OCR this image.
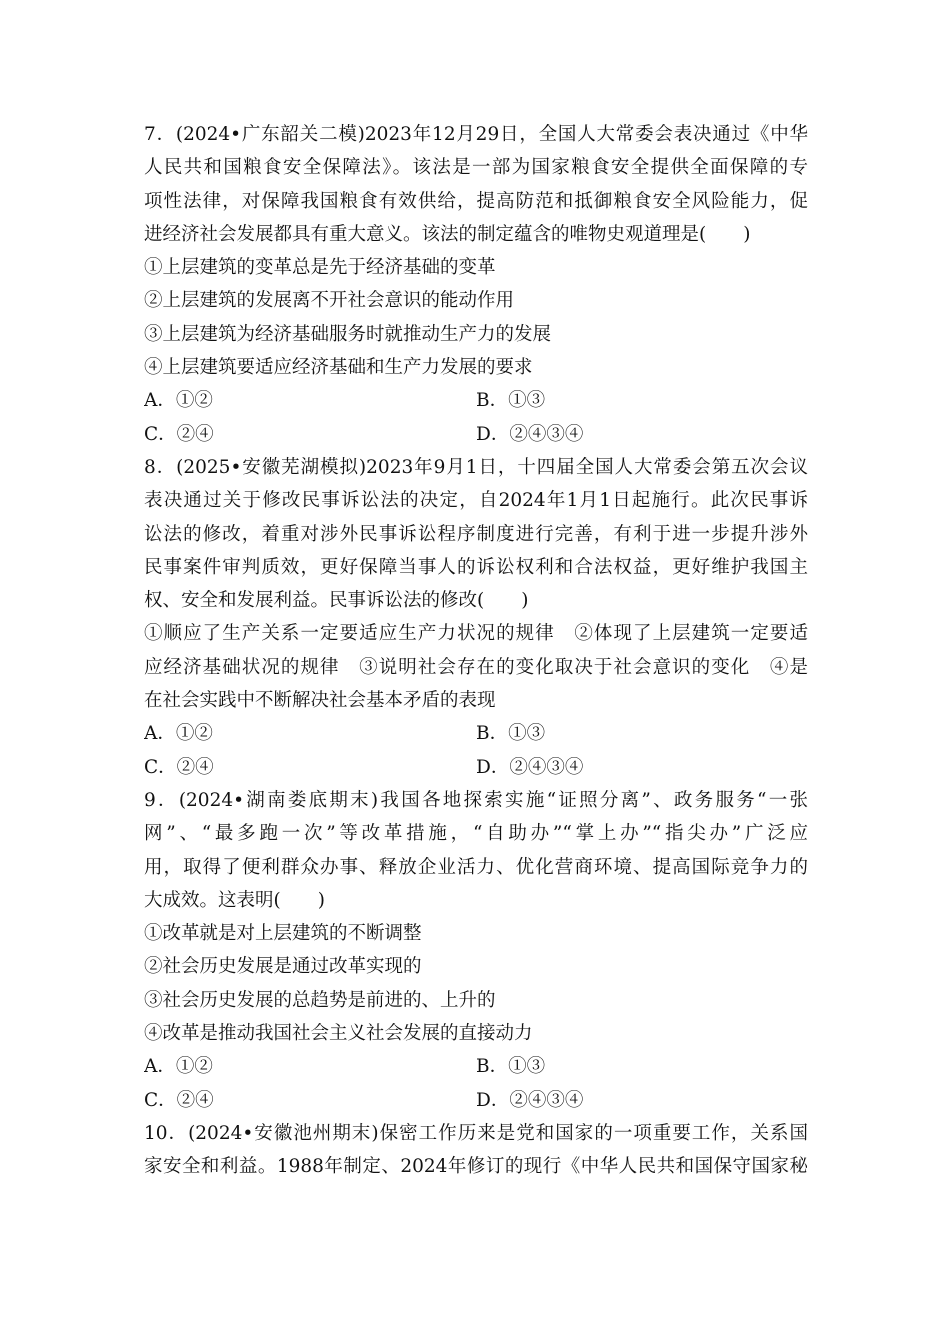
7．(2024•广东韶关二模)2023年12月29日，全国人大常委会表决通过《中华
人民共和国粮食安全保障法》。该法是一部为国家粮食安全提供全面保障的专
项性法律，对保障我国粮食有效供给，提高防范和抵御粮食安全风险能力，促
进经济社会发展都具有重大意义。该法的制定蕴含的唯物史观道理是(　　)
①上层建筑的变革总是先于经济基础的变革
②上层建筑的发展离不开社会意识的能动作用
③上层建筑为经济基础服务时就推动生产力的发展
④上层建筑要适应经济基础和生产力发展的要求
A．①②	B．①③
C．②④	D．②④③④
8．(2025•安徽芜湖模拟)2023年9月1日，十四届全国人大常委会第五次会议
表决通过关于修改民事诉讼法的决定，自2024年1月1日起施行。此次民事诉
讼法的修改，着重对涉外民事诉讼程序制度进行完善，有利于进一步提升涉外
民事案件审判质效，更好保障当事人的诉讼权利和合法权益，更好维护我国主
权、安全和发展利益。民事诉讼法的修改(　　)
①顺应了生产关系一定要适应生产力状况的规律　②体现了上层建筑一定要适
应经济基础状况的规律　③说明社会存在的变化取决于社会意识的变化　④是
在社会实践中不断解决社会基本矛盾的表现
A．①②	B．①③
C．②④	D．②④③④
9．(2024•湖南娄底期末)我国各地探索实施“证照分离”、政务服务“一张
网”、“最多跑一次”等改革措施，“自助办”“掌上办”“指尖办”广泛应
用，取得了便利群众办事、释放企业活力、优化营商环境、提高国际竞争力的
大成效。这表明(　　)
①改革就是对上层建筑的不断调整
②社会历史发展是通过改革实现的
③社会历史发展的总趋势是前进的、上升的
④改革是推动我国社会主义社会发展的直接动力
A．①②	B．①③
C．②④	D．②④③④
10．(2024•安徽池州期末)保密工作历来是党和国家的一项重要工作，关系国
家安全和利益。1988年制定、2024年修订的现行《中华人民共和国保守国家秘
